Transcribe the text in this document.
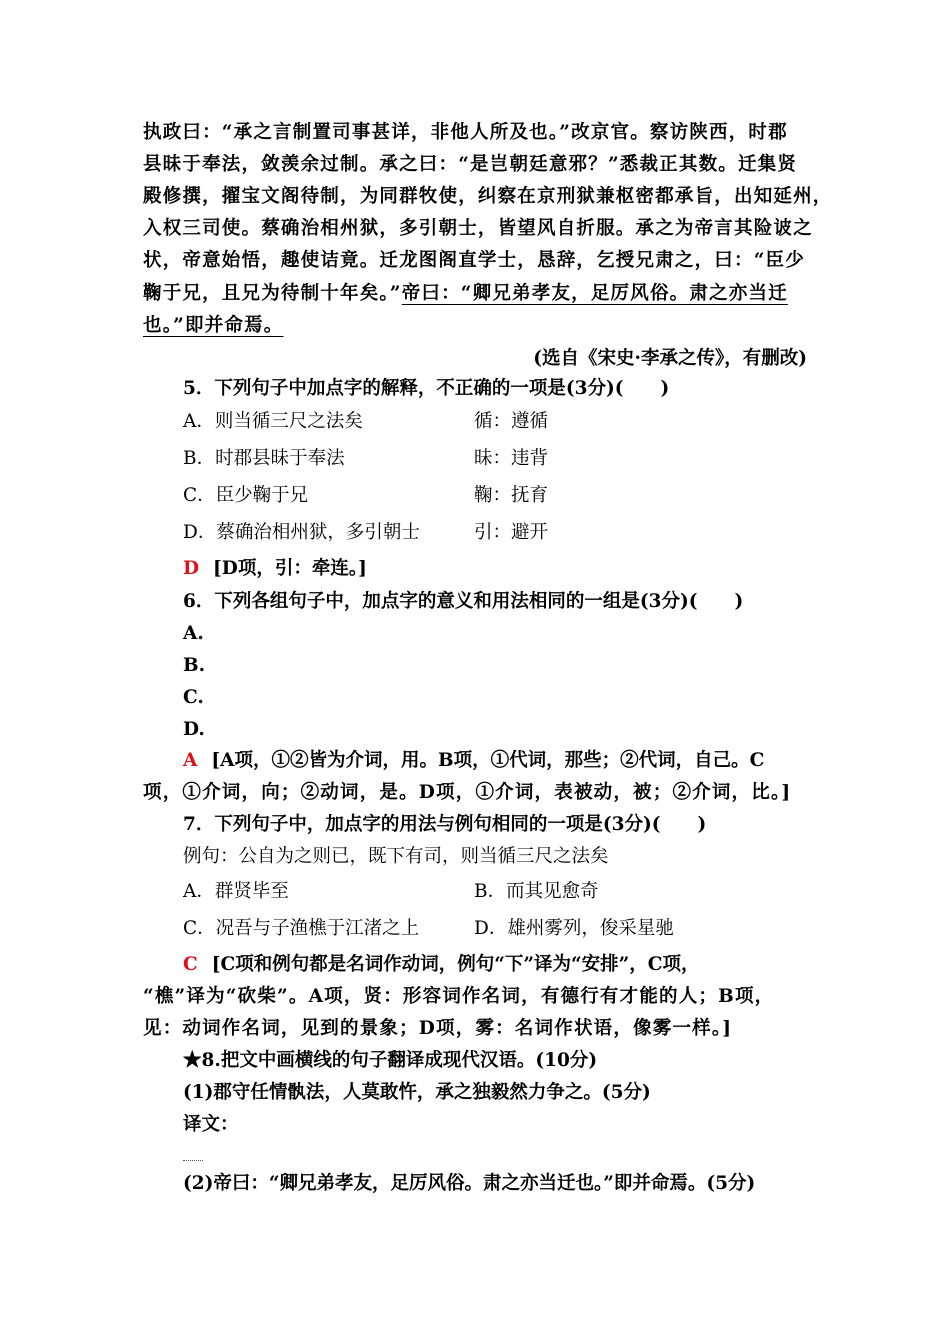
执政曰：“承之言制置司事甚详，非他人所及也。”改京官。察访陕西，时郡
县昧于奉法，敛羡余过制。承之曰：“是岂朝廷意邪？”悉裁正其数。迁集贤
殿修撰，擢宝文阁待制，为同群牧使，纠察在京刑狱兼枢密都承旨，出知延州，
入权三司使。蔡确治相州狱，多引朝士，皆望风自折服。承之为帝言其险诐之
状，帝意始悟，趣使诘竟。迁龙图阁直学士，恳辞，乞授兄肃之，曰：“臣少
鞠于兄，且兄为待制十年矣。”帝曰：“卿兄弟孝友，足厉风俗。肃之亦当迁
也。”即并命焉。
(选自《宋史·李承之传》，有删改)
5．下列句子中加点字的解释，不正确的一项是(3分)(　　)
A．则当循三尺之法矣	循：遵循
B．时郡县昧于奉法	昧：违背
C．臣少鞠于兄	鞠：抚育
D．蔡确治相州狱，多引朝士	引：避开
D [D项，引：牵连。]
6．下列各组句子中，加点字的意义和用法相同的一组是(3分)(　　)
A.
B.
C.
D.
A [A项，①②皆为介词，用。B项，①代词，那些；②代词，自己。C
项，①介词，向；②动词，是。D项，①介词，表被动，被；②介词，比。]
7．下列句子中，加点字的用法与例句相同的一项是(3分)(　　)
例句：公自为之则已，既下有司，则当循三尺之法矣
A．群贤毕至	B．而其见愈奇
C．况吾与子渔樵于江渚之上	D．雄州雾列，俊采星驰
C [C项和例句都是名词作动词，例句“下”译为“安排”，C项，
“樵”译为“砍柴”。A项，贤：形容词作名词，有德行有才能的人；B项，
见：动词作名词，见到的景象；D项，雾：名词作状语，像雾一样。]
★8.把文中画横线的句子翻译成现代汉语。(10分)
(1)郡守任情骫法，人莫敢忤，承之独毅然力争之。(5分)
译文：
(2)帝曰：“卿兄弟孝友，足厉风俗。肃之亦当迁也。”即并命焉。(5分)
